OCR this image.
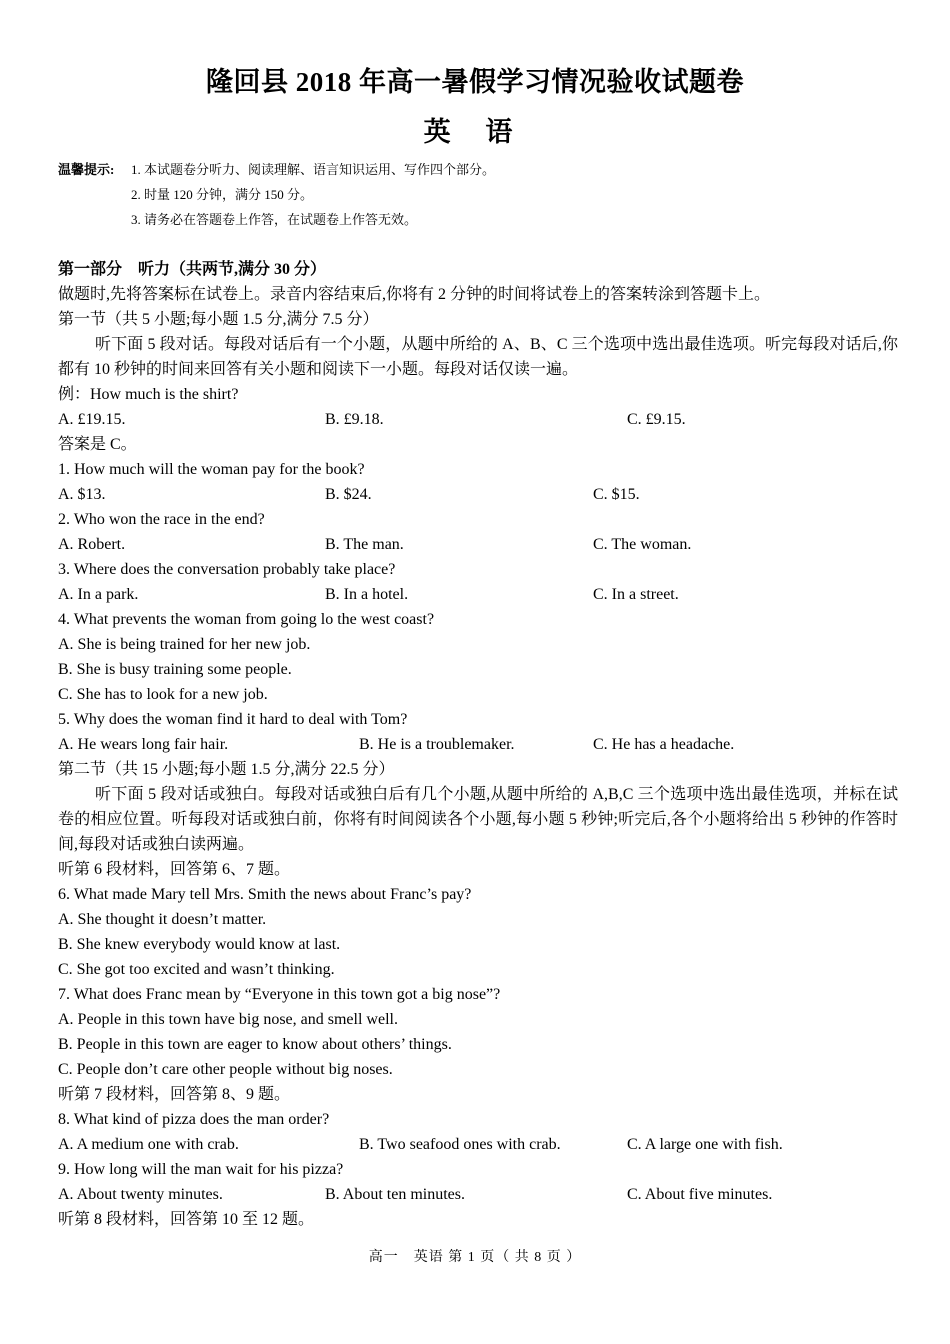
隆回县 2018 年高一暑假学习情况验收试题卷
英 语
温馨提示:	1. 本试题卷分听力、阅读理解、语言知识运用、写作四个部分。
2. 时量 120 分钟，满分 150 分。
3. 请务必在答题卷上作答，在试题卷上作答无效。
第一部分　听力（共两节,满分 30 分）
做题时,先将答案标在试卷上。录音内容结束后,你将有 2 分钟的时间将试卷上的答案转涂到答题卡上。
第一节（共 5 小题;每小题 1.5 分,满分 7.5 分）
听下面 5 段对话。每段对话后有一个小题，从题中所给的 A、B、C 三个选项中选出最佳选项。听完每段对话后,你都有 10 秒钟的时间来回答有关小题和阅读下一小题。每段对话仅读一遍。
例：How much is the shirt?
A. £19.15.	B. £9.18.	C. £9.15.
答案是 C。
1. How much will the woman pay for the book?
A. $13.	B. $24.	C. $15.
2. Who won the race in the end?
A. Robert.	B. The man.	C. The woman.
3. Where does the conversation probably take place?
A. In a park.	B. In a hotel.	C. In a street.
4. What prevents the woman from going lo the west coast?
A. She is being trained for her new job.
B. She is busy training some people.
C. She has to look for a new job.
5. Why does the woman find it hard to deal with Tom?
A. He wears long fair hair.	B. He is a troublemaker.	C. He has a headache.
第二节（共 15 小题;每小题 1.5 分,满分 22.5 分）
听下面 5 段对话或独白。每段对话或独白后有几个小题,从题中所给的 A,B,C 三个选项中选出最佳选项，并标在试卷的相应位置。听每段对话或独白前，你将有时间阅读各个小题,每小题 5 秒钟;听完后,各个小题将给出 5 秒钟的作答时间,每段对话或独白读两遍。
听第 6 段材料，回答第 6、7 题。
6. What made Mary tell Mrs. Smith the news about Franc’s pay?
A. She thought it doesn’t matter.
B. She knew everybody would know at last.
C. She got too excited and wasn’t thinking.
7. What does Franc mean by “Everyone in this town got a big nose”?
A. People in this town have big nose, and smell well.
B. People in this town are eager to know about others’ things.
C. People don’t care other people without big noses.
听第 7 段材料，回答第 8、9 题。
8. What kind of pizza does the man order?
A. A medium one with crab.	B. Two seafood ones with crab.	C. A large one with fish.
9. How long will the man wait for his pizza?
A. About twenty minutes.	B. About ten minutes.	C. About five minutes.
听第 8 段材料，回答第 10 至 12 题。
高一　英语 第 1 页（ 共 8 页 ）
